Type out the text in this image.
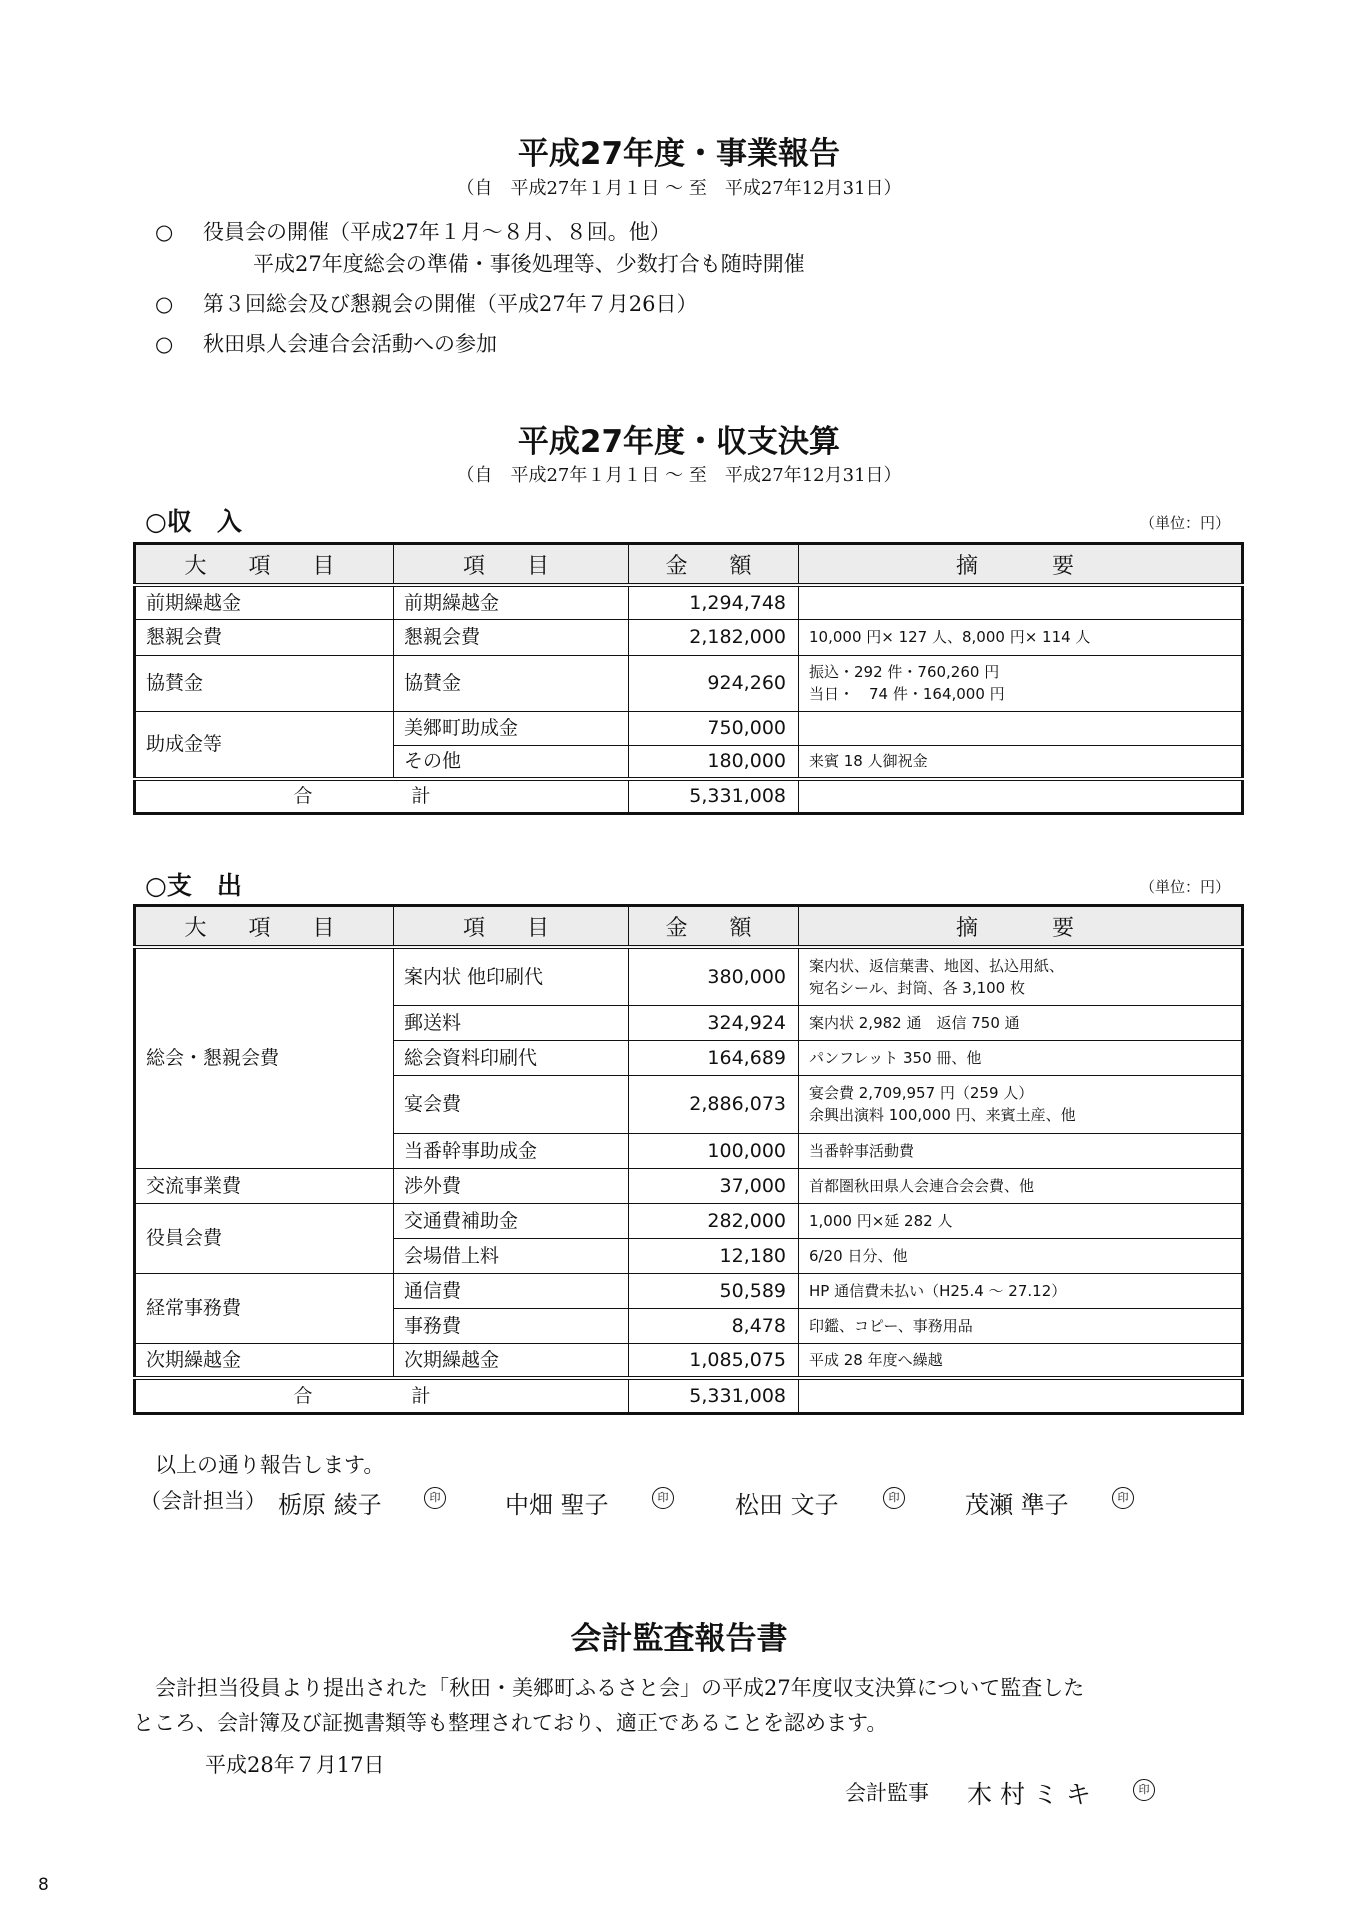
平成27年度・事業報告
（自　平成27年１月１日 〜 至　平成27年12月31日）
○ 役員会の開催（平成27年１月〜８月、８回。他）
平成27年度総会の準備・事後処理等、少数打合も随時開催
○ 第３回総会及び懇親会の開催（平成27年７月26日）
○ 秋田県人会連合会活動への参加
平成27年度・収支決算
（自　平成27年１月１日 〜 至　平成27年12月31日）
○収　入	（単位：円）
大　項　目	項　目	金　額	摘　　要
前期繰越金	前期繰越金	1,294,748	
懇親会費	懇親会費	2,182,000	10,000 円× 127 人、8,000 円× 114 人
協賛金	協賛金	924,260	振込・292 件・760,260 円
当日・　74 件・164,000 円

助成金等	美郷町助成金	750,000	
	その他	180,000	来賓 18 人御祝金
合　計		5,331,008	
○支　出	（単位：円）
大　項　目	項　目	金　額	摘　　要
総会・懇親会費	案内状 他印刷代	380,000	案内状、返信葉書、地図、払込用紙、
宛名シール、封筒、各 3,100 枚

	郵送料	324,924	案内状 2,982 通　返信 750 通
	総会資料印刷代	164,689	パンフレット 350 冊、他
	宴会費	2,886,073	宴会費 2,709,957 円（259 人）
余興出演料 100,000 円、来賓土産、他

	当番幹事助成金	100,000	当番幹事活動費
交流事業費	渉外費	37,000	首都圏秋田県人会連合会会費、他
役員会費	交通費補助金	282,000	1,000 円×延 282 人
	会場借上料	12,180	6/20 日分、他
経常事務費	通信費	50,589	HP 通信費未払い（H25.4 〜 27.12）
	事務費	8,478	印鑑、コピー、事務用品
次期繰越金	次期繰越金	1,085,075	平成 28 年度へ繰越
合　計		5,331,008	
以上の通り報告します。
（会計担当） 栃原 綾子	印	中畑 聖子	印	松田 文子	印	茂瀬 準子	印
会計監査報告書
会計担当役員より提出された「秋田・美郷町ふるさと会」の平成27年度収支決算について監査した
ところ、会計簿及び証拠書類等も整理されており、適正であることを認めます。
平成28年７月17日
会計監事 木 村 ミ キ	印
8
